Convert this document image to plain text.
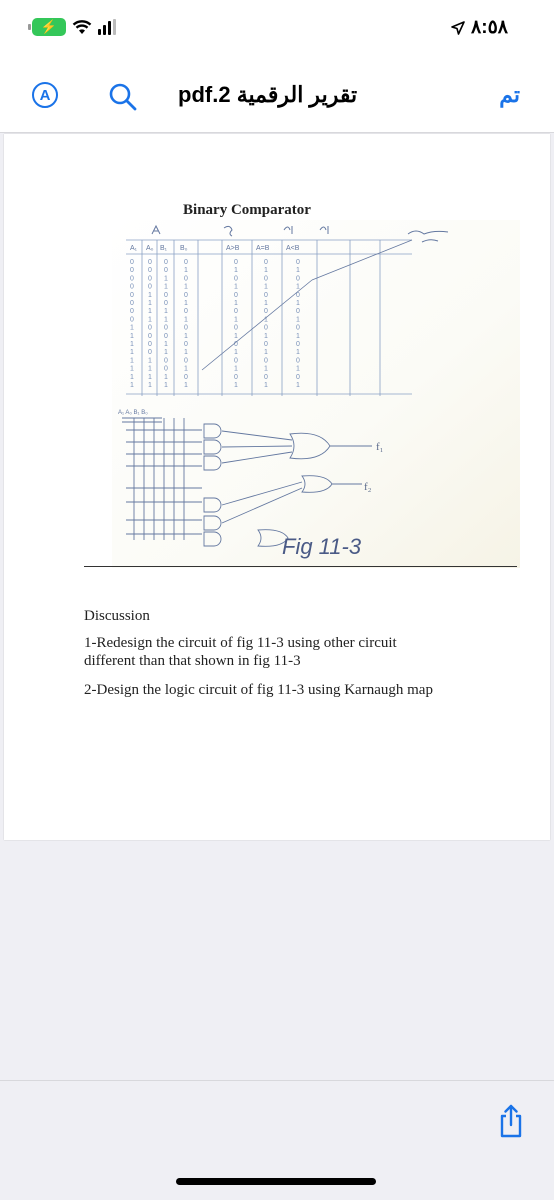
⚡	٨:٥٨
A	تقرير الرقمية 2.pdf	تم
Binary Comparator
A₁ A₀ B₁ B₀	A>B A=B A<B
0 0 0 0	0	0	0
0 0 0 1	1	1	1
0 0 1 0	0	0	0
0 0 1 1	1	1	1
0 1 0 0	0	0	0
0 1 0 1	1	1	1
0 1 1 0	0	0	0
0 1 1 1	1	1	1
1 0 0 0	0	0	0
1 0 0 1	1	1	1
1 0 1 0	0	0	0
1 0 1 1	1	1	1
1 1 0 0	0	0	0
1 1 0 1	1	1	1
1 1 1 0	0	0	0
1 1 1 1	1	1	1
A₁ A₀ B₁ B₀
f₁
f₂
Fig 11-3
Discussion
1-Redesign the circuit of fig 11-3 using other circuit
different than that shown in fig 11-3
2-Design the logic circuit of fig 11-3 using Karnaugh map
